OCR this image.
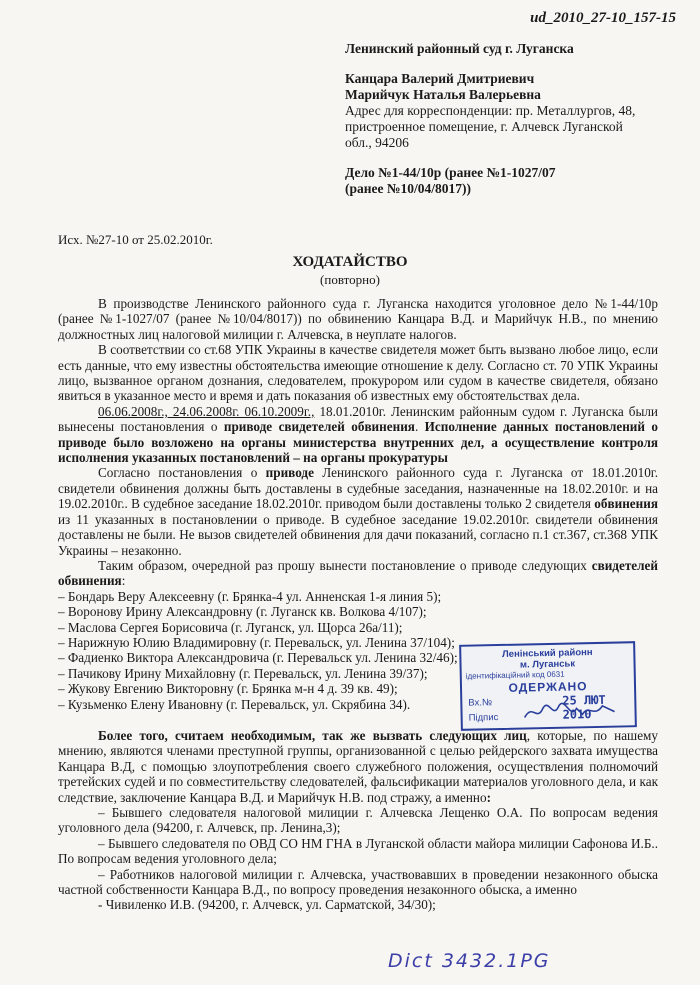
ud_2010_27-10_157-15
Ленинский районный суд г. Луганска
Канцара Валерий Дмитриевич
Марийчук Наталья Валерьевна
Адрес для корреспонденции: пр. Металлургов, 48,
пристроенное помещение, г. Алчевск Луганской
обл., 94206
Дело №1-44/10р (ранее №1-1027/07
(ранее №10/04/8017))
Исх. №27-10 от 25.02.2010г.
ХОДАТАЙСТВО
(повторно)

В производстве Ленинского районного суда г. Луганска находится уголовное дело №1-44/10р (ранее №1-1027/07 (ранее №10/04/8017)) по обвинению Канцара В.Д. и Марийчук Н.В., по мнению должностных лиц налоговой милиции г. Алчевска, в неуплате налогов.

В соответствии со ст.68 УПК Украины в качестве свидетеля может быть вызвано любое лицо, если есть данные, что ему известны обстоятельства имеющие отношение к делу. Согласно ст. 70 УПК Украины лицо, вызванное органом дознания, следователем, прокурором или судом в качестве свидетеля, обязано явиться в указанное место и время и дать показания об известных ему обстоятельствах дела.

06.06.2008г., 24.06.2008г. 06.10.2009г., 18.01.2010г. Ленинским районным судом г. Луганска были вынесены постановления о приводе свидетелей обвинения. Исполнение данных постановлений о приводе было возложено на органы министерства внутренних дел, а осуществление контроля исполнения указанных постановлений – на органы прокуратуры

Согласно постановления о приводе Ленинского районного суда г. Луганска от 18.01.2010г. свидетели обвинения должны быть доставлены в судебные заседания, назначенные на 18.02.2010г. и на 19.02.2010г.. В судебное заседание 18.02.2010г. приводом были доставлены только 2 свидетеля обвинения из 11 указанных в постановлении о приводе. В судебное заседание 19.02.2010г. свидетели обвинения доставлены не были. Не вызов свидетелей обвинения для дачи показаний, согласно п.1 ст.367, ст.368 УПК Украины – незаконно.

Таким образом, очередной раз прошу вынести постановление о приводе следующих свидетелей обвинения:

– Бондарь Веру Алексеевну (г. Брянка-4 ул. Анненская 1-я линия 5);
– Воронову Ирину Александровну (г. Луганск кв. Волкова 4/107);
– Маслова Сергея Борисовича (г. Луганск, ул. Щорса 26а/11);
– Нарижную Юлию Владимировну (г. Перевальск, ул. Ленина 37/104);
– Фадиенко Виктора Александровича (г. Перевальск ул. Ленина 32/46);
– Пачикову Ирину Михайловну (г. Перевальск, ул. Ленина 39/37);
– Жукову Евгению Викторовну (г. Брянка м-н 4 д. 39 кв. 49);
– Кузьменко Елену Ивановну (г. Перевальск, ул. Скрябина 34).

Более того, считаем необходимым, так же вызвать следующих лиц, которые, по нашему мнению, являются членами преступной группы, организованной с целью рейдерского захвата имущества Канцара В.Д, с помощью злоупотребления своего служебного положения, осуществления полномочий третейских судей и по совместительству следователей, фальсификации материалов уголовного дела, и как следствие, заключение Канцара В.Д. и Марийчук Н.В. под стражу, а именно:

– Бывшего следователя налоговой милиции г. Алчевска Лещенко О.А. По вопросам ведения уголовного дела (94200, г. Алчевск, пр. Ленина,3);

– Бывшего следователя по ОВД СО НМ ГНА в Луганской области майора милиции Сафонова И.Б.. По вопросам ведения уголовного дела;

– Работников налоговой милиции г. Алчевска, участвовавших в проведении незаконного обыска частной собственности Канцара В.Д., по вопросу проведения незаконного обыска, а именно

- Чивиленко И.В. (94200, г. Алчевск, ул. Сарматской, 34/30);

Ленінський районн
м. Луганськ
ідентифікаційний код 0631
ОДЕРЖАНО
Вх.№	25 ЛЮТ 2010
Підпис
Dict 3432.1PG
